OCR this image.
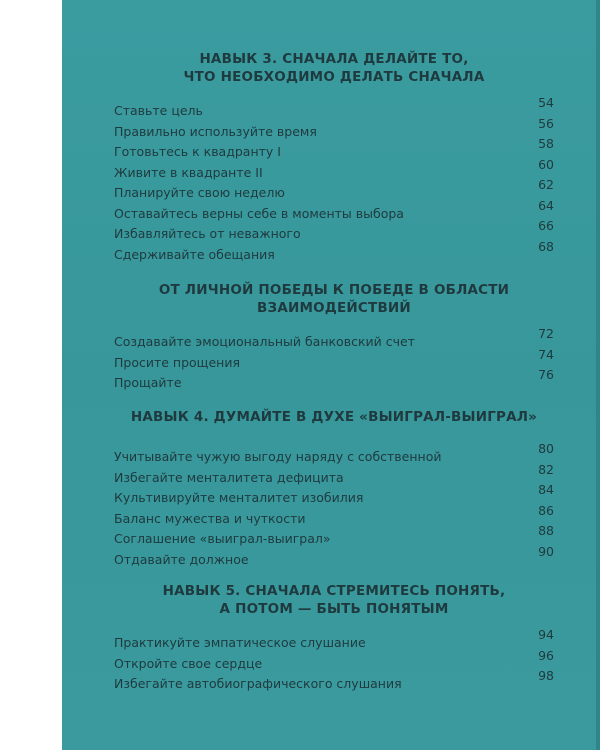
НАВЫК 3. СНАЧАЛА ДЕЛАЙТЕ ТО,
ЧТО НЕОБХОДИМО ДЕЛАТЬ СНАЧАЛА
Ставьте цель
54
Правильно используйте время
56
Готовьтесь к квадранту I
58
Живите в квадранте II
60
Планируйте свою неделю
62
Оставайтесь верны себе в моменты выбора
64
Избавляйтесь от неважного
66
Сдерживайте обещания
68
ОТ ЛИЧНОЙ ПОБЕДЫ К ПОБЕДЕ В ОБЛАСТИ
ВЗАИМОДЕЙСТВИЙ
Создавайте эмоциональный банковский счет
72
Просите прощения
74
Прощайте
76
НАВЫК 4. ДУМАЙТЕ В ДУХЕ «ВЫИГРАЛ-ВЫИГРАЛ»
Учитывайте чужую выгоду наряду с собственной
80
Избегайте менталитета дефицита
82
Культивируйте менталитет изобилия
84
Баланс мужества и чуткости
86
Соглашение «выиграл-выиграл»
88
Отдавайте должное
90
НАВЫК 5. СНАЧАЛА СТРЕМИТЕСЬ ПОНЯТЬ,
А ПОТОМ — БЫТЬ ПОНЯТЫМ
Практикуйте эмпатическое слушание
94
Откройте свое сердце
96
Избегайте автобиографического слушания
98
